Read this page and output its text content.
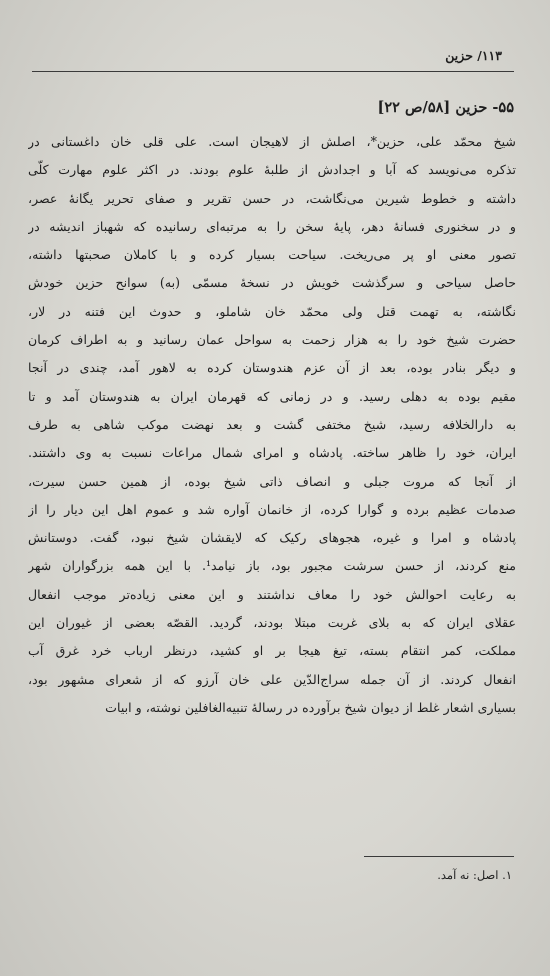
۱۱۳/ حزین
۵۵- حزین [۵۸/ص ۲۲]
شیخ محمّد علی، حزین*، اصلش از لاهیجان است. علی قلی خان داغستانی در
تذکره می‌نویسد که آبا و اجدادش از طلبهٔ علوم بودند. در اکثر علوم مهارت کلّی
داشته و خطوط شیرین می‌نگاشت، در حسن تقریر و صفای تحریر یگانهٔ عصر،
و در سخنوری فسانهٔ دهر، پایهٔ سخن را به مرتبه‌ای رسانیده که شهباز اندیشه در
تصور معنی او پر می‌ریخت. سیاحت بسیار کرده و با کاملان صحبتها داشته،
حاصل سیاحی و سرگذشت خویش در نسخهٔ مسمّی (به) سوانح حزین خودش
نگاشته، به تهمت قتل ولی محمّد خان شاملو، و حدوث این فتنه در لار،
حضرت شیخ خود را به هزار زحمت به سواحل عمان رسانید و به اطراف کرمان
و دیگر بنادر بوده، بعد از آن عزم هندوستان کرده به لاهور آمد، چندی در آنجا
مقیم بوده به دهلی رسید. و در زمانی که قهرمان ایران به هندوستان آمد و تا
به دارالخلافه رسید، شیخ مختفی گشت و بعد نهضت موکب شاهی به طرف
ایران، خود را ظاهر ساخته. پادشاه و امرای شمال مراعات نسبت به وی داشتند.
از آنجا که مروت جبلی و انصاف ذاتی شیخ بوده، از همین حسن سیرت،
صدمات عظیم برده و گوارا کرده، از خانمان آواره شد و عموم اهل این دیار را از
پادشاه و امرا و غیره، هجوهای رکیک که لایقشان شیخ نبود، گفت. دوستانش
منع کردند، از حسن سرشت مجبور بود، باز نیامد¹. با این همه بزرگواران شهر
به رعایت احوالش خود را معاف نداشتند و این معنی زیاده‌تر موجب انفعال
عقلای ایران که به بلای غربت مبتلا بودند، گردید. القصّه بعضی از غیوران این
مملکت، کمر انتقام بسته، تیغ هیجا بر او کشید، درنظر ارباب خرد غرق آب
انفعال کردند. از آن جمله سراج‌الدّین علی خان آرزو که از شعرای مشهور بود،
بسیاری اشعار غلط از دیوان شیخ برآورده در رسالهٔ تنبیه‌الغافلین نوشته، و ابیات
۱. اصل: نه آمد.
